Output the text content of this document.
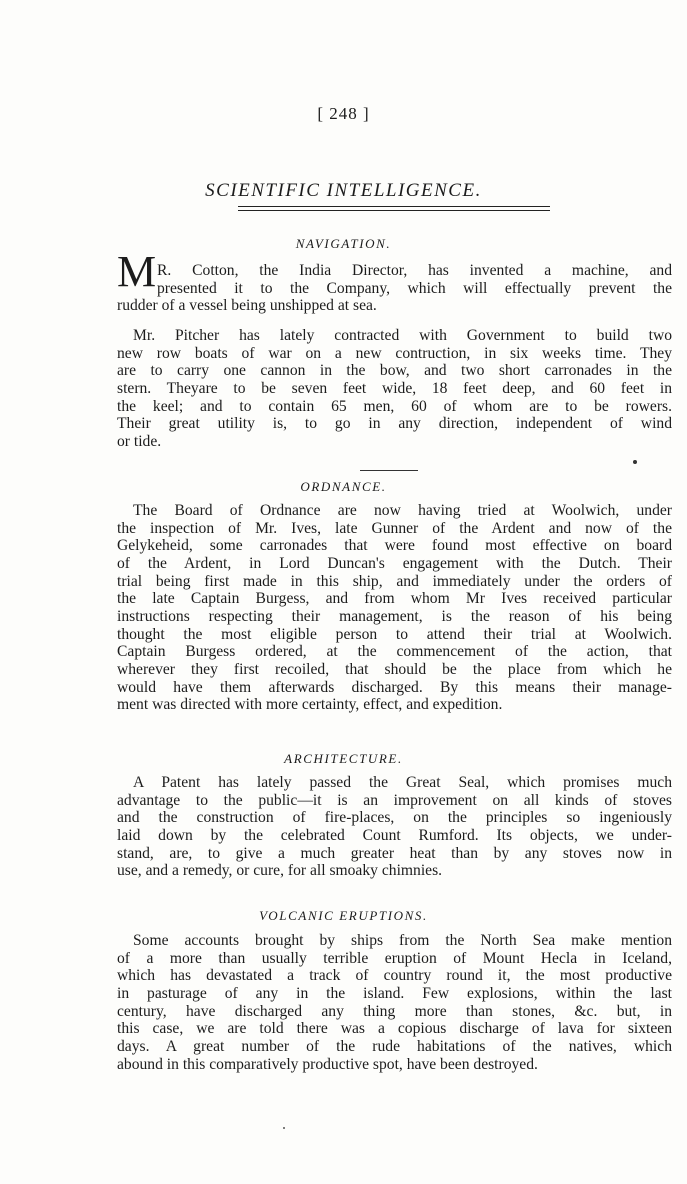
[ 248 ]
SCIENTIFIC INTELLIGENCE.
NAVIGATION.
M R. Cotton, the India Director, has invented a machine, and
presented it to the Company, which will effectually prevent the
rudder of a vessel being unshipped at sea.
Mr. Pitcher has lately contracted with Government to build two
new row boats of war on a new contruction, in six weeks time. They
are to carry one cannon in the bow, and two short carronades in the
stern. Theyare to be seven feet wide, 18 feet deep, and 60 feet in
the keel; and to contain 65 men, 60 of whom are to be rowers.
Their great utility is, to go in any direction, independent of wind
or tide.
ORDNANCE.
The Board of Ordnance are now having tried at Woolwich, under
the inspection of Mr. Ives, late Gunner of the Ardent and now of the
Gelykeheid, some carronades that were found most effective on board
of the Ardent, in Lord Duncan's engagement with the Dutch. Their
trial being first made in this ship, and immediately under the orders of
the late Captain Burgess, and from whom Mr Ives received particular
instructions respecting their management, is the reason of his being
thought the most eligible person to attend their trial at Woolwich.
Captain Burgess ordered, at the commencement of the action, that
wherever they first recoiled, that should be the place from which he
would have them afterwards discharged. By this means their manage-
ment was directed with more certainty, effect, and expedition.
ARCHITECTURE.
A Patent has lately passed the Great Seal, which promises much
advantage to the public—it is an improvement on all kinds of stoves
and the construction of fire-places, on the principles so ingeniously
laid down by the celebrated Count Rumford. Its objects, we under-
stand, are, to give a much greater heat than by any stoves now in
use, and a remedy, or cure, for all smoaky chimnies.
VOLCANIC ERUPTIONS.
Some accounts brought by ships from the North Sea make mention
of a more than usually terrible eruption of Mount Hecla in Iceland,
which has devastated a track of country round it, the most productive
in pasturage of any in the island. Few explosions, within the last
century, have discharged any thing more than stones, &c. but, in
this case, we are told there was a copious discharge of lava for sixteen
days. A great number of the rude habitations of the natives, which
abound in this comparatively productive spot, have been destroyed.
